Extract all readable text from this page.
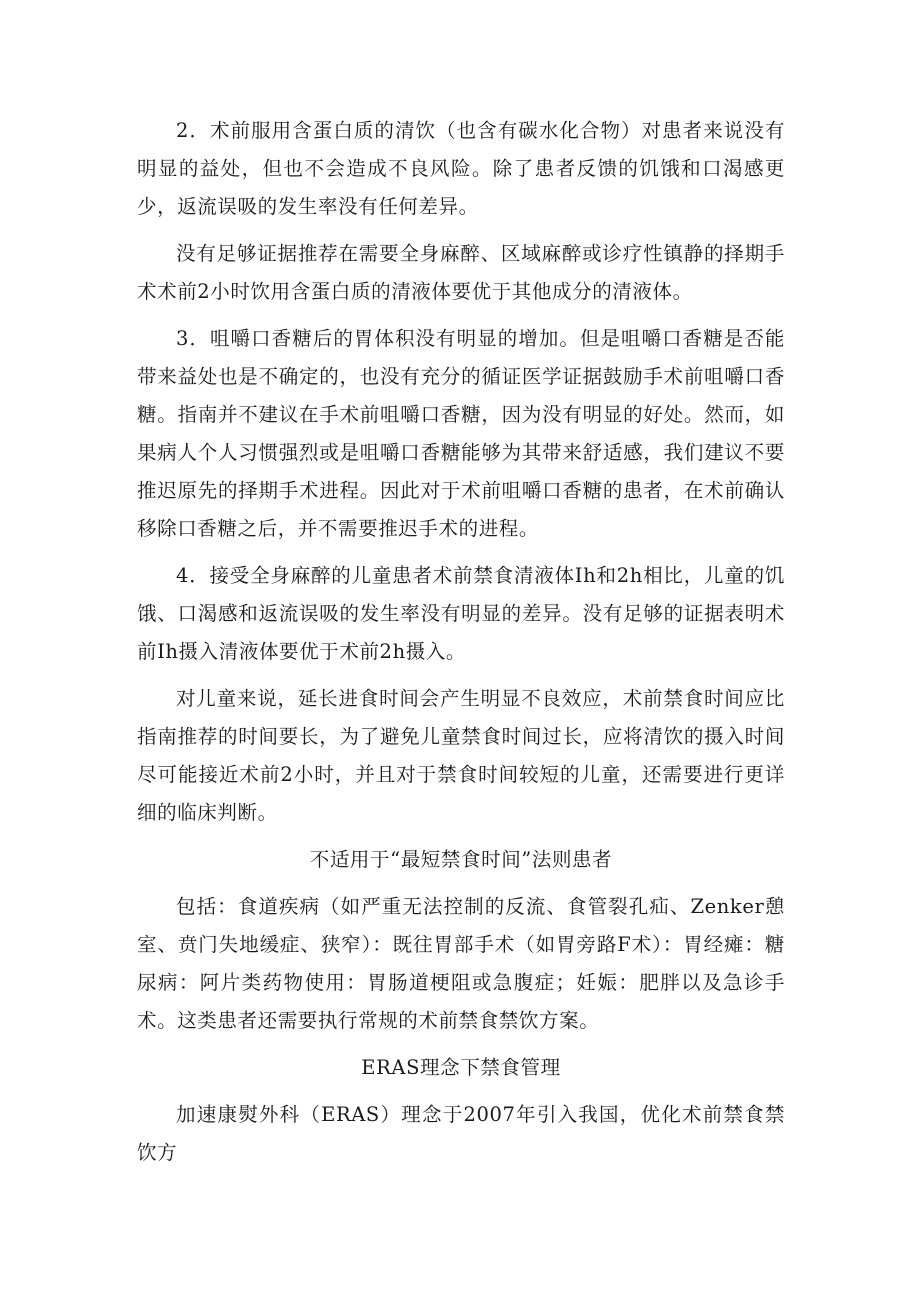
2．术前服用含蛋白质的清饮（也含有碳水化合物）对患者来说没有明显的益处，但也不会造成不良风险。除了患者反馈的饥饿和口渴感更少，返流误吸的发生率没有任何差异。

没有足够证据推荐在需要全身麻醉、区域麻醉或诊疗性镇静的择期手术术前2小时饮用含蛋白质的清液体要优于其他成分的清液体。

3．咀嚼口香糖后的胃体积没有明显的增加。但是咀嚼口香糖是否能带来益处也是不确定的，也没有充分的循证医学证据鼓励手术前咀嚼口香糖。指南并不建议在手术前咀嚼口香糖，因为没有明显的好处。然而，如果病人个人习惯强烈或是咀嚼口香糖能够为其带来舒适感，我们建议不要推迟原先的择期手术进程。因此对于术前咀嚼口香糖的患者，在术前确认移除口香糖之后，并不需要推迟手术的进程。

4．接受全身麻醉的儿童患者术前禁食清液体Ih和2h相比，儿童的饥饿、口渴感和返流误吸的发生率没有明显的差异。没有足够的证据表明术前Ih摄入清液体要优于术前2h摄入。

对儿童来说，延长进食时间会产生明显不良效应，术前禁食时间应比指南推荐的时间要长，为了避免儿童禁食时间过长，应将清饮的摄入时间尽可能接近术前2小时，并且对于禁食时间较短的儿童，还需要进行更详细的临床判断。

不适用于“最短禁食时间”法则患者

包括：食道疾病（如严重无法控制的反流、食管裂孔疝、Zenker憩室、贲门失地缓症、狭窄）：既往胃部手术（如胃旁路F术）：胃经瘫：糖尿病：阿片类药物使用：胃肠道梗阻或急腹症；妊娠：肥胖以及急诊手术。这类患者还需要执行常规的术前禁食禁饮方案。

ERAS理念下禁食管理

加速康熨外科（ERAS）理念于2007年引入我国，优化术前禁食禁饮方
